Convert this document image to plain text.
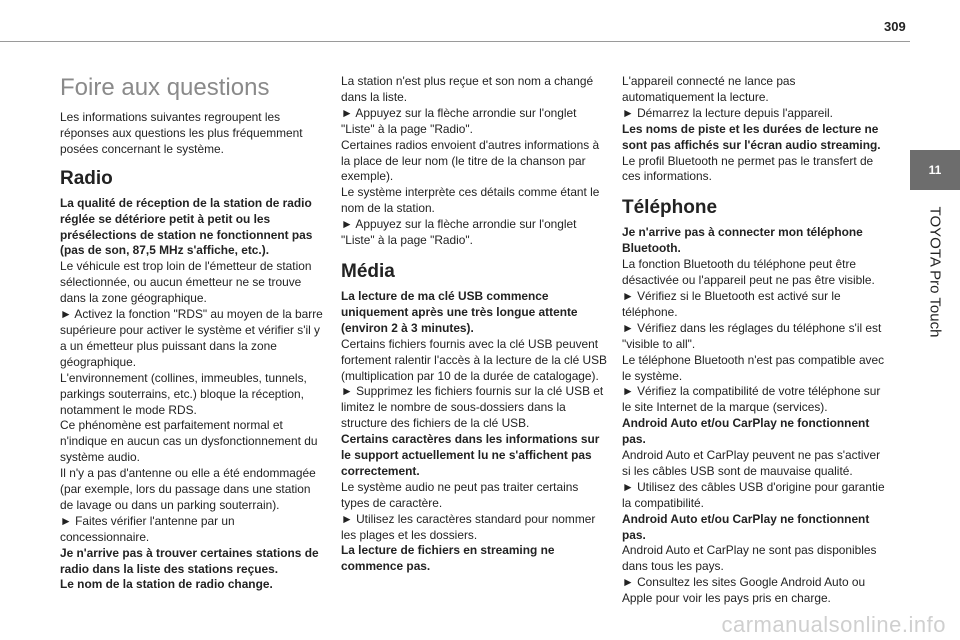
309
11
TOYOTA Pro Touch
Foire aux questions

Les informations suivantes regroupent les réponses aux questions les plus fréquemment posées concernant le système.

Radio

La qualité de réception de la station de radio réglée se détériore petit à petit ou les présélections de station ne fonctionnent pas (pas de son, 87,5 MHz s'affiche, etc.).

Le véhicule est trop loin de l'émetteur de station sélectionnée, ou aucun émetteur ne se trouve dans la zone géographique.

► Activez la fonction "RDS" au moyen de la barre supérieure pour activer le système et vérifier s'il y a un émetteur plus puissant dans la zone géographique.

L'environnement (collines, immeubles, tunnels, parkings souterrains, etc.) bloque la réception, notamment le mode RDS.

Ce phénomène est parfaitement normal et n'indique en aucun cas un dysfonctionnement du système audio.

Il n'y a pas d'antenne ou elle a été endommagée (par exemple, lors du passage dans une station de lavage ou dans un parking souterrain).

► Faites vérifier l'antenne par un concessionnaire.

Je n'arrive pas à trouver certaines stations de radio dans la liste des stations reçues.

Le nom de la station de radio change.

La station n'est plus reçue et son nom a changé dans la liste.

► Appuyez sur la flèche arrondie sur l'onglet "Liste" à la page "Radio".

Certaines radios envoient d'autres informations à la place de leur nom (le titre de la chanson par exemple).

Le système interprète ces détails comme étant le nom de la station.

► Appuyez sur la flèche arrondie sur l'onglet "Liste" à la page "Radio".

Média

La lecture de ma clé USB commence uniquement après une très longue attente (environ 2 à 3 minutes).

Certains fichiers fournis avec la clé USB peuvent fortement ralentir l'accès à la lecture de la clé USB (multiplication par 10 de la durée de catalogage).

► Supprimez les fichiers fournis sur la clé USB et limitez le nombre de sous-dossiers dans la structure des fichiers de la clé USB.

Certains caractères dans les informations sur le support actuellement lu ne s'affichent pas correctement.

Le système audio ne peut pas traiter certains types de caractère.

► Utilisez les caractères standard pour nommer les plages et les dossiers.

La lecture de fichiers en streaming ne commence pas.

L'appareil connecté ne lance pas automatiquement la lecture.

► Démarrez la lecture depuis l'appareil.

Les noms de piste et les durées de lecture ne sont pas affichés sur l'écran audio streaming.

Le profil Bluetooth ne permet pas le transfert de ces informations.

Téléphone

Je n'arrive pas à connecter mon téléphone Bluetooth.

La fonction Bluetooth du téléphone peut être désactivée ou l'appareil peut ne pas être visible.

► Vérifiez si le Bluetooth est activé sur le téléphone.

► Vérifiez dans les réglages du téléphone s'il est "visible to all".

Le téléphone Bluetooth n'est pas compatible avec le système.

► Vérifiez la compatibilité de votre téléphone sur le site Internet de la marque (services).

Android Auto et/ou CarPlay ne fonctionnent pas.

Android Auto et CarPlay peuvent ne pas s'activer si les câbles USB sont de mauvaise qualité.

► Utilisez des câbles USB d'origine pour garantie la compatibilité.

Android Auto et/ou CarPlay ne fonctionnent pas.

Android Auto et CarPlay ne sont pas disponibles dans tous les pays.

► Consultez les sites Google Android Auto ou Apple pour voir les pays pris en charge.

carmanualsonline.info
